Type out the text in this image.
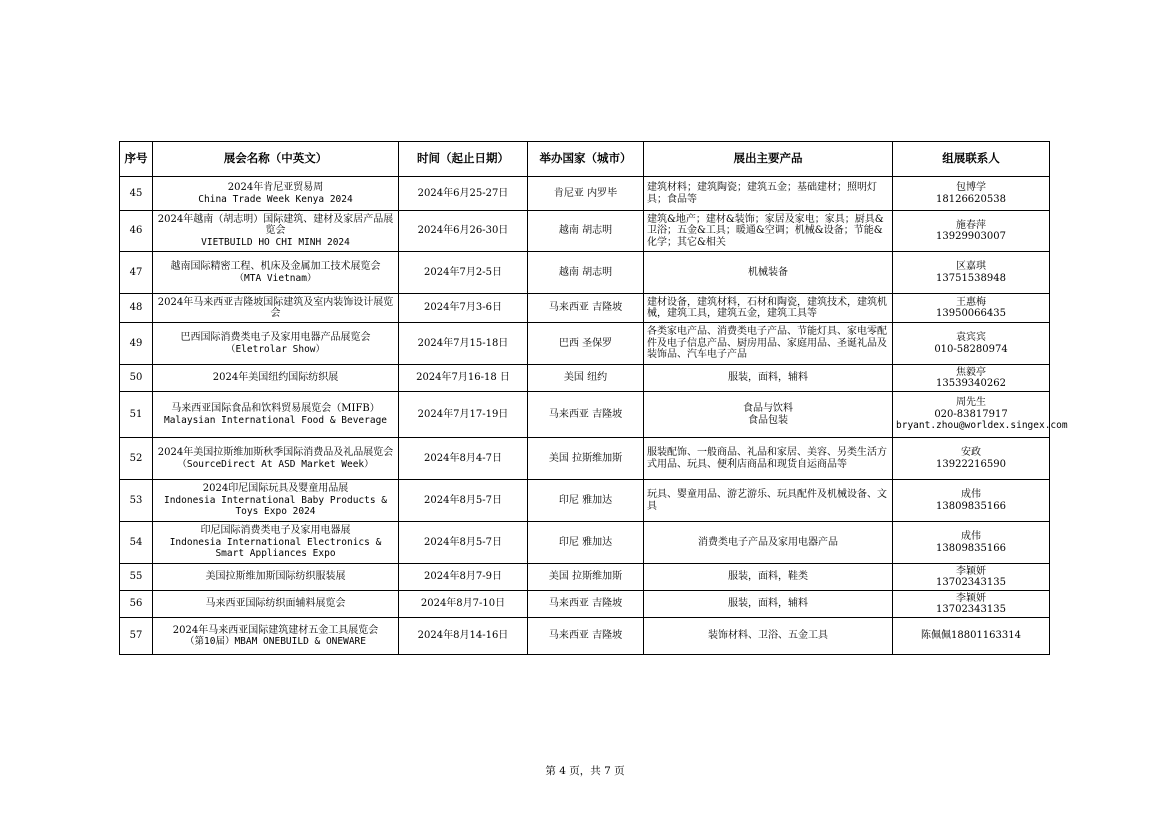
序号	展会名称（中英文）	时间（起止日期）	举办国家（城市）	展出主要产品	组展联系人
45	2024年肯尼亚贸易周
China Trade Week Kenya 2024	2024年6月25-27日	肯尼亚 内罗毕	建筑材料；建筑陶瓷；建筑五金；基础建材；照明灯具；食品等	包博学
18126620538

46	2024年越南（胡志明）国际建筑、建材及家居产品展览会
VIETBUILD HO CHI MINH 2024	2024年6月26-30日	越南 胡志明	建筑&地产；建材&装饰；家居及家电；家具；厨具&卫浴；五金&工具；暖通&空调；机械&设备；节能&化学；其它&相关	施春萍
13929903007

47	越南国际精密工程、机床及金属加工技术展览会
（MTA Vietnam）	2024年7月2-5日	越南 胡志明	机械装备	区嘉琪
13751538948

48	2024年马来西亚吉隆坡国际建筑及室内装饰设计展览会	2024年7月3-6日	马来西亚 吉隆坡	建材设备，建筑材料，石材和陶瓷，建筑技术，建筑机械，建筑工具，建筑五金，建筑工具等	王惠梅
13950066435

49	巴西国际消费类电子及家用电器产品展览会
（Eletrolar Show）	2024年7月15-18日	巴西 圣保罗	各类家电产品、消费类电子产品、节能灯具、家电零配件及电子信息产品、厨房用品、家庭用品、圣诞礼品及装饰品、汽车电子产品	袁宾宾
010-58280974

50	2024年美国纽约国际纺织展	2024年7月16-18 日	美国 纽约	服装，面料，辅料	焦毅亭
13539340262

51	马来西亚国际食品和饮料贸易展览会（MIFB）
Malaysian International Food & Beverage	2024年7月17-19日	马来西亚 吉隆坡	食品与饮料
食品包装	周先生
020-83817917
bryant.zhou@worldex.singex.com

52	2024年美国拉斯维加斯秋季国际消费品及礼品展览会
（SourceDirect At ASD Market Week）	2024年8月4-7日	美国 拉斯维加斯	服装配饰、一般商品、礼品和家居、美容、另类生活方式用品、玩具、便利店商品和现货自运商品等	安政
13922216590

53	2024印尼国际玩具及婴童用品展
Indonesia International Baby Products & Toys Expo 2024	2024年8月5-7日	印尼 雅加达	玩具、婴童用品、游艺游乐、玩具配件及机械设备、文具	成伟
13809835166

54	印尼国际消费类电子及家用电器展
Indonesia International Electronics & Smart Appliances Expo	2024年8月5-7日	印尼 雅加达	消费类电子产品及家用电器产品	成伟
13809835166

55	美国拉斯维加斯国际纺织服装展	2024年8月7-9日	美国 拉斯维加斯	服装，面料，鞋类	李颖妍
13702343135

56	马来西亚国际纺织面辅料展览会	2024年8月7-10日	马来西亚 吉隆坡	服装，面料，辅料	李颖妍
13702343135

57	2024年马来西亚国际建筑建材五金工具展览会
（第10届）MBAM ONEBUILD & ONEWARE	2024年8月14-16日	马来西亚 吉隆坡	装饰材料、卫浴、五金工具	陈佩佩18801163314
第 4 页，共 7 页
